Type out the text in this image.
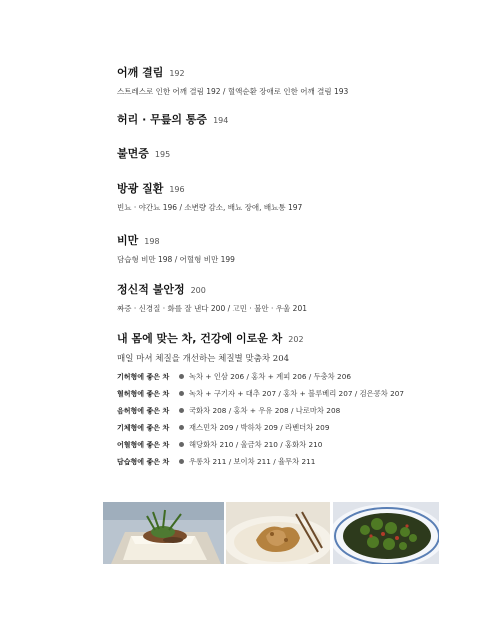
어깨 결림 192
스트레스로 인한 어깨 결림 192 / 혈액순환 장애로 인한 어깨 결림 193
허리 · 무릎의 통증 194
불면증 195
방광 질환 196
빈뇨 · 야간뇨 196 / 소변량 감소, 배뇨 장애, 배뇨통 197
비만 198
담습형 비만 198 / 어혈형 비만 199
정신적 불안정 200
짜증 · 신경질 · 화를 잘 낸다 200 / 고민 · 불안 · 우울 201
내 몸에 맞는 차, 건강에 이로운 차 202
매일 마셔 체질을 개선하는 체질별 맞춤차 204
기허형에 좋은 차	녹차 + 인삼 206 / 홍차 + 계피 206 / 두충차 206
혈허형에 좋은 차	녹차 + 구기자 + 대추 207 / 홍차 + 블루베리 207 / 검은콩차 207
음허형에 좋은 차	국화차 208 / 홍차 + 우유 208 / 나로마차 208
기체형에 좋은 차	재스민차 209 / 박하차 209 / 라벤더차 209
어혈형에 좋은 차	해당화차 210 / 울금차 210 / 홍화차 210
담습형에 좋은 차	우롱차 211 / 보이차 211 / 율무차 211
